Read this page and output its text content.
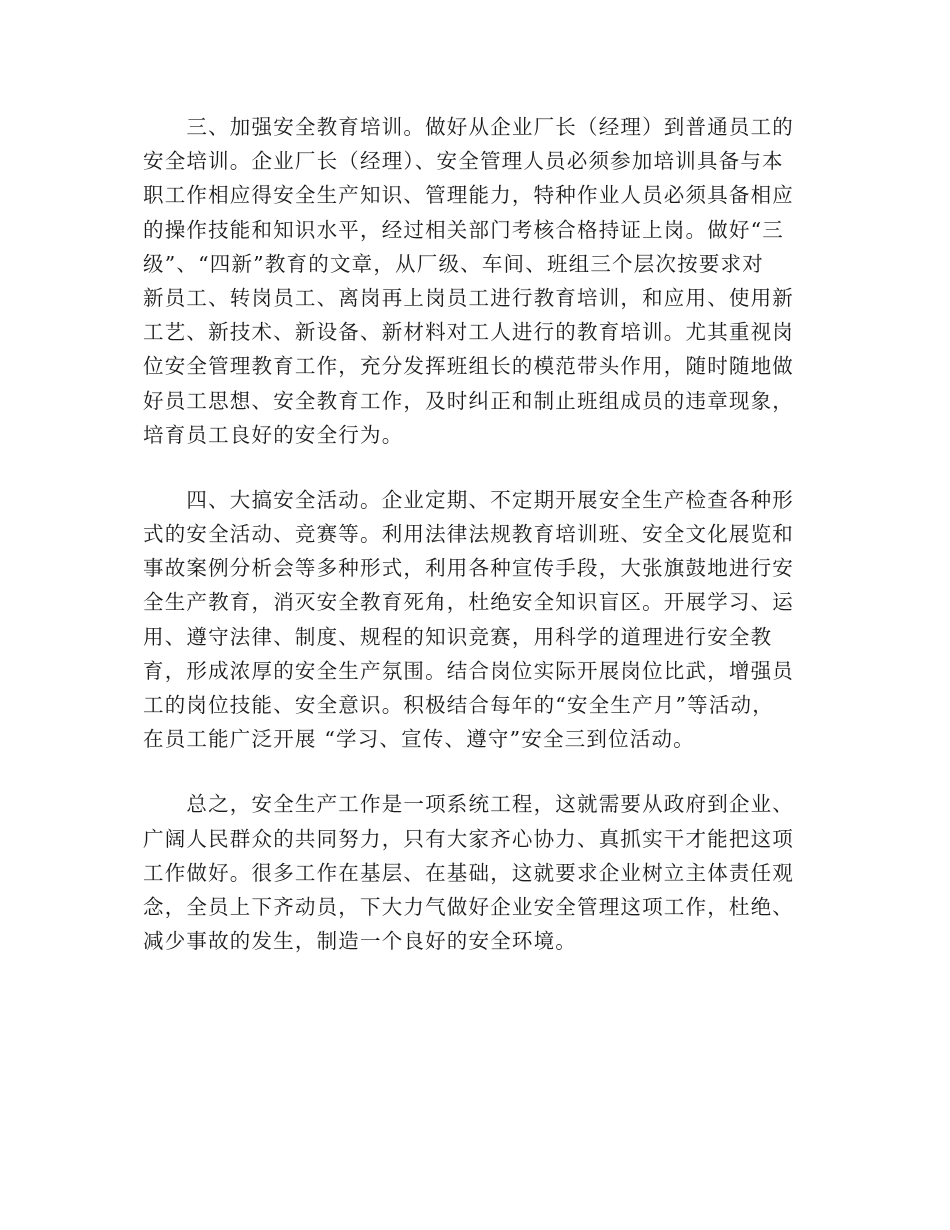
　　三、加强安全教育培训。做好从企业厂长（经理）到普通员工的
安全培训。企业厂长（经理）、安全管理人员必须参加培训具备与本
职工作相应得安全生产知识、管理能力，特种作业人员必须具备相应
的操作技能和知识水平，经过相关部门考核合格持证上岗。做好“三
级”、“四新”教育的文章，从厂级、车间、班组三个层次按要求对
新员工、转岗员工、离岗再上岗员工进行教育培训，和应用、使用新
工艺、新技术、新设备、新材料对工人进行的教育培训。尤其重视岗
位安全管理教育工作，充分发挥班组长的模范带头作用，随时随地做
好员工思想、安全教育工作，及时纠正和制止班组成员的违章现象，
培育员工良好的安全行为。

　　四、大搞安全活动。企业定期、不定期开展安全生产检查各种形
式的安全活动、竞赛等。利用法律法规教育培训班、安全文化展览和
事故案例分析会等多种形式，利用各种宣传手段，大张旗鼓地进行安
全生产教育，消灭安全教育死角，杜绝安全知识盲区。开展学习、运
用、遵守法律、制度、规程的知识竞赛，用科学的道理进行安全教
育，形成浓厚的安全生产氛围。结合岗位实际开展岗位比武，增强员
工的岗位技能、安全意识。积极结合每年的“安全生产月”等活动，
在员工能广泛开展 “学习、宣传、遵守”安全三到位活动。

　　总之，安全生产工作是一项系统工程，这就需要从政府到企业、
广阔人民群众的共同努力，只有大家齐心协力、真抓实干才能把这项
工作做好。很多工作在基层、在基础，这就要求企业树立主体责任观
念，全员上下齐动员，下大力气做好企业安全管理这项工作，杜绝、
减少事故的发生，制造一个良好的安全环境。
